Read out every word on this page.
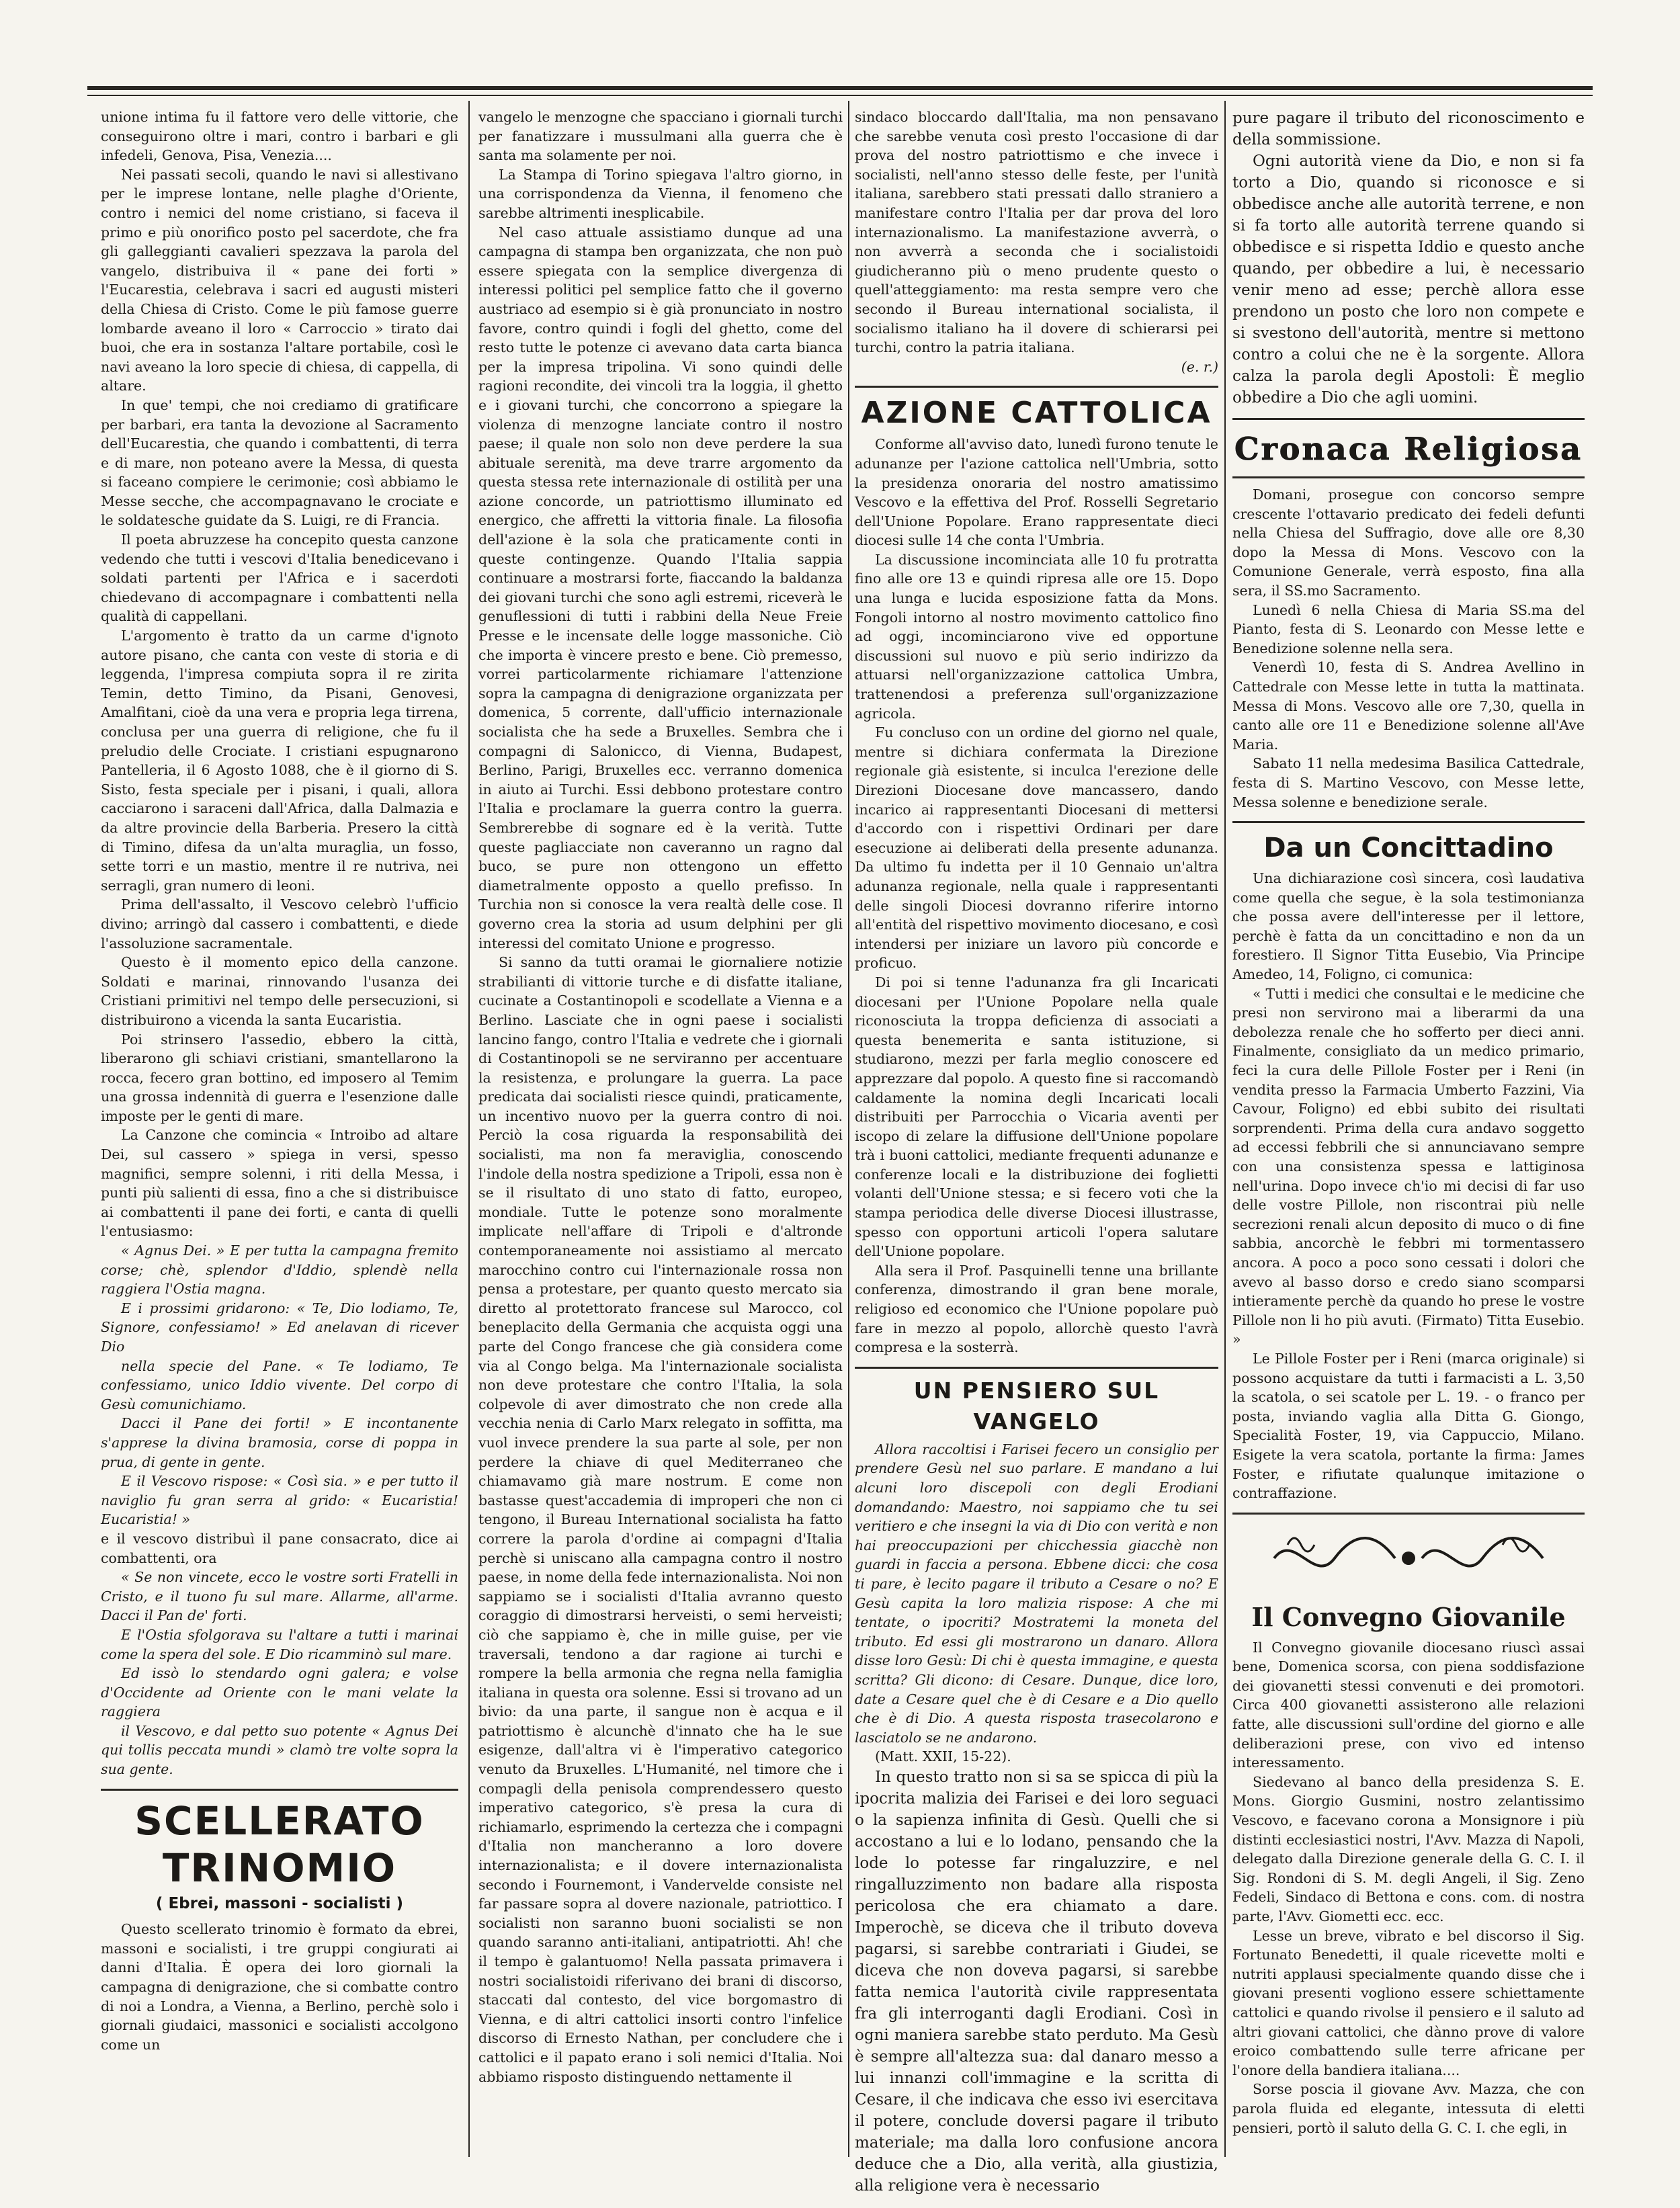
unione intima fu il fattore vero delle vittorie, che conseguirono oltre i mari, contro i barbari e gli infedeli, Genova, Pisa, Venezia....

Nei passati secoli, quando le navi si allestivano per le imprese lontane, nelle plaghe d'Oriente, contro i nemici del nome cristiano, si faceva il primo e più onorifico posto pel sacerdote, che fra gli galleggianti cavalieri spezzava la parola del vangelo, distribuiva il « pane dei forti » l'Eucarestia, celebrava i sacri ed augusti misteri della Chiesa di Cristo. Come le più famose guerre lombarde aveano il loro « Carroccio » tirato dai buoi, che era in sostanza l'altare portabile, così le navi aveano la loro specie di chiesa, di cappella, di altare.

In que' tempi, che noi crediamo di gratificare per barbari, era tanta la devozione al Sacramento dell'Eucarestia, che quando i combattenti, di terra e di mare, non poteano avere la Messa, di questa si faceano compiere le cerimonie; così abbiamo le Messe secche, che accompagnavano le crociate e le soldatesche guidate da S. Luigi, re di Francia.

Il poeta abruzzese ha concepito questa canzone vedendo che tutti i vescovi d'Italia benedicevano i soldati partenti per l'Africa e i sacerdoti chiedevano di accompagnare i combattenti nella qualità di cappellani.

L'argomento è tratto da un carme d'ignoto autore pisano, che canta con veste di storia e di leggenda, l'impresa compiuta sopra il re zirita Temin, detto Timino, da Pisani, Genovesi, Amalfitani, cioè da una vera e propria lega tirrena, conclusa per una guerra di religione, che fu il preludio delle Crociate. I cristiani espugnarono Pantelleria, il 6 Agosto 1088, che è il giorno di S. Sisto, festa speciale per i pisani, i quali, allora cacciarono i saraceni dall'Africa, dalla Dalmazia e da altre provincie della Barberia. Presero la città di Timino, difesa da un'alta muraglia, un fosso, sette torri e un mastio, mentre il re nutriva, nei serragli, gran numero di leoni.

Prima dell'assalto, il Vescovo celebrò l'ufficio divino; arringò dal cassero i combattenti, e diede l'assoluzione sacramentale.

Questo è il momento epico della canzone. Soldati e marinai, rinnovando l'usanza dei Cristiani primitivi nel tempo delle persecuzioni, si distribuirono a vicenda la santa Eucaristia.

Poi strinsero l'assedio, ebbero la città, liberarono gli schiavi cristiani, smantellarono la rocca, fecero gran bottino, ed imposero al Temim una grossa indennità di guerra e l'esenzione dalle imposte per le genti di mare.

La Canzone che comincia « Introibo ad altare Dei, sul cassero » spiega in versi, spesso magnifici, sempre solenni, i riti della Messa, i punti più salienti di essa, fino a che si distribuisce ai combattenti il pane dei forti, e canta di quelli l'entusiasmo:

« Agnus Dei. » E per tutta la campagna fremito corse; chè, splendor d'Iddio, splendè nella raggiera l'Ostia magna.

E i prossimi gridarono: « Te, Dio lodiamo, Te, Signore, confessiamo! » Ed anelavan di ricever Dio

nella specie del Pane. « Te lodiamo, Te confessiamo, unico Iddio vivente. Del corpo di Gesù comunichiamo.

Dacci il Pane dei forti! » E incontanente s'apprese la divina bramosia, corse di poppa in prua, di gente in gente.

E il Vescovo rispose: « Così sia. » e per tutto il naviglio fu gran serra al grido: « Eucaristia! Eucaristia! »

e il vescovo distribuì il pane consacrato, dice ai combattenti, ora

« Se non vincete, ecco le vostre sorti Fratelli in Cristo, e il tuono fu sul mare. Allarme, all'arme. Dacci il Pan de' forti.

E l'Ostia sfolgorava su l'altare a tutti i marinai come la spera del sole. E Dio ricamminò sul mare.

Ed issò lo stendardo ogni galera; e volse d'Occidente ad Oriente con le mani velate la raggiera

il Vescovo, e dal petto suo potente « Agnus Dei qui tollis peccata mundi » clamò tre volte sopra la sua gente.

SCELLERATO TRINOMIO
( Ebrei, massoni - socialisti )

Questo scellerato trinomio è formato da ebrei, massoni e socialisti, i tre gruppi congiurati ai danni d'Italia. È opera dei loro giornali la campagna di denigrazione, che si combatte contro di noi a Londra, a Vienna, a Berlino, perchè solo i giornali giudaici, massonici e socialisti accolgono come un

vangelo le menzogne che spacciano i giornali turchi per fanatizzare i mussulmani alla guerra che è santa ma solamente per noi.

La Stampa di Torino spiegava l'altro giorno, in una corrispondenza da Vienna, il fenomeno che sarebbe altrimenti inesplicabile.

Nel caso attuale assistiamo dunque ad una campagna di stampa ben organizzata, che non può essere spiegata con la semplice divergenza di interessi politici pel semplice fatto che il governo austriaco ad esempio si è già pronunciato in nostro favore, contro quindi i fogli del ghetto, come del resto tutte le potenze ci avevano data carta bianca per la impresa tripolina. Vi sono quindi delle ragioni recondite, dei vincoli tra la loggia, il ghetto e i giovani turchi, che concorrono a spiegare la violenza di menzogne lanciate contro il nostro paese; il quale non solo non deve perdere la sua abituale serenità, ma deve trarre argomento da questa stessa rete internazionale di ostilità per una azione concorde, un patriottismo illuminato ed energico, che affretti la vittoria finale. La filosofia dell'azione è la sola che praticamente conti in queste contingenze. Quando l'Italia sappia continuare a mostrarsi forte, fiaccando la baldanza dei giovani turchi che sono agli estremi, riceverà le genuflessioni di tutti i rabbini della Neue Freie Presse e le incensate delle logge massoniche. Ciò che importa è vincere presto e bene. Ciò premesso, vorrei particolarmente richiamare l'attenzione sopra la campagna di denigrazione organizzata per domenica, 5 corrente, dall'ufficio internazionale socialista che ha sede a Bruxelles. Sembra che i compagni di Salonicco, di Vienna, Budapest, Berlino, Parigi, Bruxelles ecc. verranno domenica in aiuto ai Turchi. Essi debbono protestare contro l'Italia e proclamare la guerra contro la guerra. Sembrerebbe di sognare ed è la verità. Tutte queste pagliacciate non caveranno un ragno dal buco, se pure non ottengono un effetto diametralmente opposto a quello prefisso. In Turchia non si conosce la vera realtà delle cose. Il governo crea la storia ad usum delphini per gli interessi del comitato Unione e progresso.

Si sanno da tutti oramai le giornaliere notizie strabilianti di vittorie turche e di disfatte italiane, cucinate a Costantinopoli e scodellate a Vienna e a Berlino. Lasciate che in ogni paese i socialisti lancino fango, contro l'Italia e vedrete che i giornali di Costantinopoli se ne serviranno per accentuare la resistenza, e prolungare la guerra. La pace predicata dai socialisti riesce quindi, praticamente, un incentivo nuovo per la guerra contro di noi. Perciò la cosa riguarda la responsabilità dei socialisti, ma non fa meraviglia, conoscendo l'indole della nostra spedizione a Tripoli, essa non è se il risultato di uno stato di fatto, europeo, mondiale. Tutte le potenze sono moralmente implicate nell'affare di Tripoli e d'altronde contemporaneamente noi assistiamo al mercato marocchino contro cui l'internazionale rossa non pensa a protestare, per quanto questo mercato sia diretto al protettorato francese sul Marocco, col beneplacito della Germania che acquista oggi una parte del Congo francese che già considera come via al Congo belga. Ma l'internazionale socialista non deve protestare che contro l'Italia, la sola colpevole di aver dimostrato che non crede alla vecchia nenia di Carlo Marx relegato in soffitta, ma vuol invece prendere la sua parte al sole, per non perdere la chiave di quel Mediterraneo che chiamavamo già mare nostrum. E come non bastasse quest'accademia di improperi che non ci tengono, il Bureau International socialista ha fatto correre la parola d'ordine ai compagni d'Italia perchè si uniscano alla campagna contro il nostro paese, in nome della fede internazionalista. Noi non sappiamo se i socialisti d'Italia avranno questo coraggio di dimostrarsi herveisti, o semi herveisti; ciò che sappiamo è, che in mille guise, per vie traversali, tendono a dar ragione ai turchi e rompere la bella armonia che regna nella famiglia italiana in questa ora solenne. Essi si trovano ad un bivio: da una parte, il sangue non è acqua e il patriottismo è alcunchè d'innato che ha le sue esigenze, dall'altra vi è l'imperativo categorico venuto da Bruxelles. L'Humanité, nel timore che i compagli della penisola comprendessero questo imperativo categorico, s'è presa la cura di richiamarlo, esprimendo la certezza che i compagni d'Italia non mancheranno a loro dovere internazionalista; e il dovere internazionalista secondo i Fournemont, i Vandervelde consiste nel far passare sopra al dovere nazionale, patriottico. I socialisti non saranno buoni socialisti se non quando saranno anti-italiani, antipatriotti. Ah! che il tempo è galantuomo! Nella passata primavera i nostri socialistoidi riferivano dei brani di discorso, staccati dal contesto, del vice borgomastro di Vienna, e di altri cattolici insorti contro l'infelice discorso di Ernesto Nathan, per concludere che i cattolici e il papato erano i soli nemici d'Italia. Noi abbiamo risposto distinguendo nettamente il

sindaco bloccardo dall'Italia, ma non pensavano che sarebbe venuta così presto l'occasione di dar prova del nostro patriottismo e che invece i socialisti, nell'anno stesso delle feste, per l'unità italiana, sarebbero stati pressati dallo straniero a manifestare contro l'Italia per dar prova del loro internazionalismo. La manifestazione avverrà, o non avverrà a seconda che i socialistoidi giudicheranno più o meno prudente questo o quell'atteggiamento: ma resta sempre vero che secondo il Bureau international socialista, il socialismo italiano ha il dovere di schierarsi pei turchi, contro la patria italiana.

(e. r.)
AZIONE CATTOLICA

Conforme all'avviso dato, lunedì furono tenute le adunanze per l'azione cattolica nell'Umbria, sotto la presidenza onoraria del nostro amatissimo Vescovo e la effettiva del Prof. Rosselli Segretario dell'Unione Popolare. Erano rappresentate dieci diocesi sulle 14 che conta l'Umbria.

La discussione incominciata alle 10 fu protratta fino alle ore 13 e quindi ripresa alle ore 15. Dopo una lunga e lucida esposizione fatta da Mons. Fongoli intorno al nostro movimento cattolico fino ad oggi, incominciarono vive ed opportune discussioni sul nuovo e più serio indirizzo da attuarsi nell'organizzazione cattolica Umbra, trattenendosi a preferenza sull'organizzazione agricola.

Fu concluso con un ordine del giorno nel quale, mentre si dichiara confermata la Direzione regionale già esistente, si inculca l'erezione delle Direzioni Diocesane dove mancassero, dando incarico ai rappresentanti Diocesani di mettersi d'accordo con i rispettivi Ordinari per dare esecuzione ai deliberati della presente adunanza. Da ultimo fu indetta per il 10 Gennaio un'altra adunanza regionale, nella quale i rappresentanti delle singoli Diocesi dovranno riferire intorno all'entità del rispettivo movimento diocesano, e così intendersi per iniziare un lavoro più concorde e proficuo.

Di poi si tenne l'adunanza fra gli Incaricati diocesani per l'Unione Popolare nella quale riconosciuta la troppa deficienza di associati a questa benemerita e santa istituzione, si studiarono, mezzi per farla meglio conoscere ed apprezzare dal popolo. A questo fine si raccomandò caldamente la nomina degli Incaricati locali distribuiti per Parrocchia o Vicaria aventi per iscopo di zelare la diffusione dell'Unione popolare trà i buoni cattolici, mediante frequenti adunanze e conferenze locali e la distribuzione dei foglietti volanti dell'Unione stessa; e si fecero voti che la stampa periodica delle diverse Diocesi illustrasse, spesso con opportuni articoli l'opera salutare dell'Unione popolare.

Alla sera il Prof. Pasquinelli tenne una brillante conferenza, dimostrando il gran bene morale, religioso ed economico che l'Unione popolare può fare in mezzo al popolo, allorchè questo l'avrà compresa e la sosterrà.

UN PENSIERO SUL VANGELO

Allora raccoltisi i Farisei fecero un consiglio per prendere Gesù nel suo parlare. E mandano a lui alcuni loro discepoli con degli Erodiani domandando: Maestro, noi sappiamo che tu sei veritiero e che insegni la via di Dio con verità e non hai preoccupazioni per chicchessia giacchè non guardi in faccia a persona. Ebbene dicci: che cosa ti pare, è lecito pagare il tributo a Cesare o no? E Gesù capita la loro malizia rispose: A che mi tentate, o ipocriti? Mostratemi la moneta del tributo. Ed essi gli mostrarono un danaro. Allora disse loro Gesù: Di chi è questa immagine, e questa scritta? Gli dicono: di Cesare. Dunque, dice loro, date a Cesare quel che è di Cesare e a Dio quello che è di Dio. A questa risposta trasecolarono e lasciatolo se ne andarono.

(Matt. XXII, 15-22).

In questo tratto non si sa se spicca di più la ipocrita malizia dei Farisei e dei loro seguaci o la sapienza infinita di Gesù. Quelli che si accostano a lui e lo lodano, pensando che la lode lo potesse far ringaluzzire, e nel ringalluzzimento non badare alla risposta pericolosa che era chiamato a dare. Imperochè, se diceva che il tributo doveva pagarsi, si sarebbe contrariati i Giudei, se diceva che non doveva pagarsi, si sarebbe fatta nemica l'autorità civile rappresentata fra gli interroganti dagli Erodiani. Così in ogni maniera sarebbe stato perduto. Ma Gesù è sempre all'altezza sua: dal danaro messo a lui innanzi coll'immagine e la scritta di Cesare, il che indicava che esso ivi esercitava il potere, conclude doversi pagare il tributo materiale; ma dalla loro confusione ancora deduce che a Dio, alla verità, alla giustizia, alla religione vera è necessario

pure pagare il tributo del riconoscimento e della sommissione.

Ogni autorità viene da Dio, e non si fa torto a Dio, quando si riconosce e si obbedisce anche alle autorità terrene, e non si fa torto alle autorità terrene quando si obbedisce e si rispetta Iddio e questo anche quando, per obbedire a lui, è necessario venir meno ad esse; perchè allora esse prendono un posto che loro non compete e si svestono dell'autorità, mentre si mettono contro a colui che ne è la sorgente. Allora calza la parola degli Apostoli: È meglio obbedire a Dio che agli uomini.

Cronaca Religiosa

Domani, prosegue con concorso sempre crescente l'ottavario predicato dei fedeli defunti nella Chiesa del Suffragio, dove alle ore 8,30 dopo la Messa di Mons. Vescovo con la Comunione Generale, verrà esposto, fina alla sera, il SS.mo Sacramento.

Lunedì 6 nella Chiesa di Maria SS.ma del Pianto, festa di S. Leonardo con Messe lette e Benedizione solenne nella sera.

Venerdì 10, festa di S. Andrea Avellino in Cattedrale con Messe lette in tutta la mattinata. Messa di Mons. Vescovo alle ore 7,30, quella in canto alle ore 11 e Benedizione solenne all'Ave Maria.

Sabato 11 nella medesima Basilica Cattedrale, festa di S. Martino Vescovo, con Messe lette, Messa solenne e benedizione serale.

Da un Concittadino

Una dichiarazione così sincera, così laudativa come quella che segue, è la sola testimonianza che possa avere dell'interesse per il lettore, perchè è fatta da un concittadino e non da un forestiero. Il Signor Titta Eusebio, Via Principe Amedeo, 14, Foligno, ci comunica:

« Tutti i medici che consultai e le medicine che presi non servirono mai a liberarmi da una debolezza renale che ho sofferto per dieci anni. Finalmente, consigliato da un medico primario, feci la cura delle Pillole Foster per i Reni (in vendita presso la Farmacia Umberto Fazzini, Via Cavour, Foligno) ed ebbi subito dei risultati sorprendenti. Prima della cura andavo soggetto ad eccessi febbrili che si annunciavano sempre con una consistenza spessa e lattiginosa nell'urina. Dopo invece ch'io mi decisi di far uso delle vostre Pillole, non riscontrai più nelle secrezioni renali alcun deposito di muco o di fine sabbia, ancorchè le febbri mi tormentassero ancora. A poco a poco sono cessati i dolori che avevo al basso dorso e credo siano scomparsi intieramente perchè da quando ho prese le vostre Pillole non li ho più avuti. (Firmato) Titta Eusebio. »

Le Pillole Foster per i Reni (marca originale) si possono acquistare da tutti i farmacisti a L. 3,50 la scatola, o sei scatole per L. 19. - o franco per posta, inviando vaglia alla Ditta G. Giongo, Specialità Foster, 19, via Cappuccio, Milano. Esigete la vera scatola, portante la firma: James Foster, e rifiutate qualunque imitazione o contraffazione.

Il Convegno Giovanile

Il Convegno giovanile diocesano riuscì assai bene, Domenica scorsa, con piena soddisfazione dei giovanetti stessi convenuti e dei promotori. Circa 400 giovanetti assisterono alle relazioni fatte, alle discussioni sull'ordine del giorno e alle deliberazioni prese, con vivo ed intenso interessamento.

Siedevano al banco della presidenza S. E. Mons. Giorgio Gusmini, nostro zelantissimo Vescovo, e facevano corona a Monsignore i più distinti ecclesiastici nostri, l'Avv. Mazza di Napoli, delegato dalla Direzione generale della G. C. I. il Sig. Rondoni di S. M. degli Angeli, il Sig. Zeno Fedeli, Sindaco di Bettona e cons. com. di nostra parte, l'Avv. Giometti ecc. ecc.

Lesse un breve, vibrato e bel discorso il Sig. Fortunato Benedetti, il quale ricevette molti e nutriti applausi specialmente quando disse che i giovani presenti vogliono essere schiettamente cattolici e quando rivolse il pensiero e il saluto ad altri giovani cattolici, che dànno prove di valore eroico combattendo sulle terre africane per l'onore della bandiera italiana....

Sorse poscia il giovane Avv. Mazza, che con parola fluida ed elegante, intessuta di eletti pensieri, portò il saluto della G. C. I. che egli, in
